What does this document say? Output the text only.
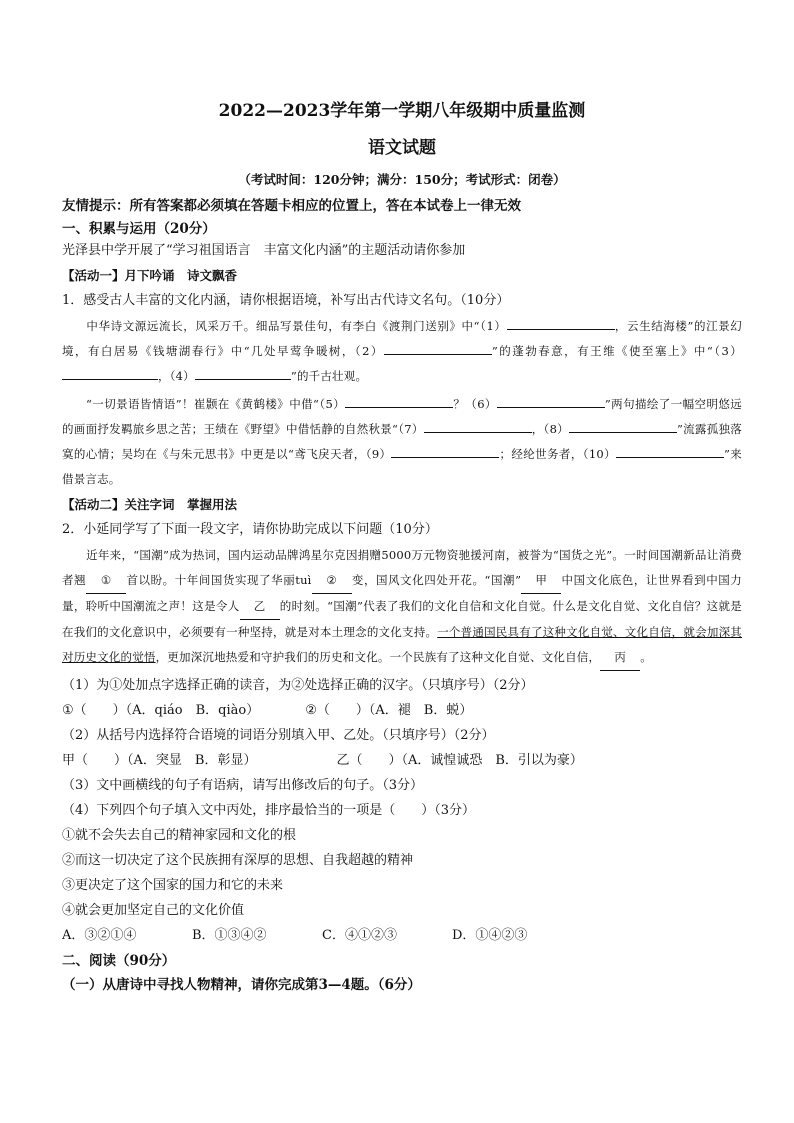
2022—2023学年第一学期八年级期中质量监测
语文试题
（考试时间：120分钟；满分：150分；考试形式：闭卷）
友情提示：所有答案都必须填在答题卡相应的位置上，答在本试卷上一律无效
一、积累与运用（20分）
光泽县中学开展了“学习祖国语言　丰富文化内涵”的主题活动请你参加
【活动一】月下吟诵　诗文飘香
1．感受古人丰富的文化内涵，请你根据语境，补写出古代诗文名句。（10分）
中华诗文源远流长，风采万千。细品写景佳句，有李白《渡荆门送别》中“（1）	，云生结海楼”的江景幻境，有白居易《钱塘湖春行》中“几处早莺争暖树，（2）	”的蓬勃春意，有王维《使至塞上》中“（3），（4）	”的千古壮观。
“一切景语皆情语”！崔颢在《黄鹤楼》中借“（5）	？（6）	”两句描绘了一幅空明悠远的画面抒发羁旅乡思之苦；王绩在《野望》中借恬静的自然秋景“（7）	，（8）	”流露孤独落寞的心情；吴均在《与朱元思书》中更是以“鸢飞戾天者，（9）	；经纶世务者，（10）	”来借景言志。
【活动二】关注字词　掌握用法
2．小延同学写了下面一段文字，请你协助完成以下问题（10分）
近年来，“国潮”成为热词，国内运动品牌鸿星尔克因捐赠5000万元物资驰援河南，被誉为“国货之光”。一时间国潮新品让消费者翘 ① 首以盼。十年间国货实现了华丽tuì ② 变，国风文化四处开花。“国潮” 甲 中国文化底色，让世界看到中国力量，聆听中国潮流之声！这是令人 乙 的时刻。“国潮”代表了我们的文化自信和文化自觉。什么是文化自觉、文化自信？这就是在我们的文化意识中，必须要有一种坚持，就是对本土理念的文化支持。一个普通国民具有了这种文化自觉、文化自信，就会加深其对历史文化的觉悟，更加深沉地热爱和守护我们的历史和文化。一个民族有了这种文化自觉、文化自信， 丙 。
（1）为①处加点字选择正确的读音，为②处选择正确的汉字。（只填序号）（2分）
①（　　）（A．qiáo　B．qiào）	②（　　）（A．褪　B．蜕）
（2）从括号内选择符合语境的词语分别填入甲、乙处。（只填序号）（2分）
甲（　　）（A．突显　B．彰显）	乙（　　）（A．诚惶诚恐　B．引以为豪）
（3）文中画横线的句子有语病，请写出修改后的句子。（3分）
（4）下列四个句子填入文中丙处，排序最恰当的一项是（　　）（3分）
①就不会失去自己的精神家园和文化的根
②而这一切决定了这个民族拥有深厚的思想、自我超越的精神
③更决定了这个国家的国力和它的未来
④就会更加坚定自己的文化价值
A．③②①④	B．①③④②	C．④①②③	D．①④②③
二、阅读（90分）
（一）从唐诗中寻找人物精神，请你完成第3—4题。（6分）
